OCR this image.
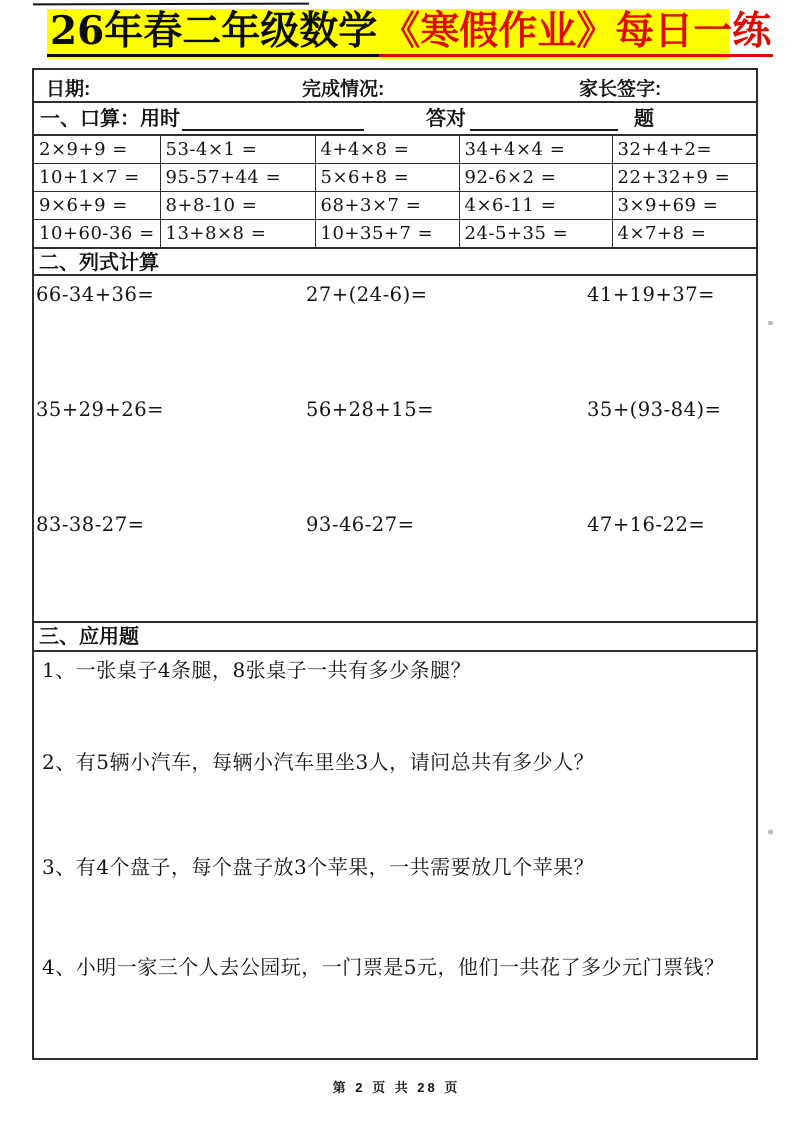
26年春二年级数学 《寒假作业》每日一练
日期:	完成情况:	家长签字:
一、口算：用时	答对	题
2×9+9 =	53-4×1 =	4+4×8 =	34+4×4 =	32+4+2=
10+1×7 =	95-57+44 =	5×6+8 =	92-6×2 =	22+32+9 =
9×6+9 =	8+8-10 =	68+3×7 =	4×6-11 =	3×9+69 =
10+60-36 =	13+8×8 =	10+35+7 =	24-5+35 =	4×7+8 =
二、列式计算
66-34+36=	27+(24-6)=	41+19+37=
35+29+26=	56+28+15=	35+(93-84)=
83-38-27=	93-46-27=	47+16-22=
三、应用题

1、一张桌子4条腿，8张桌子一共有多少条腿？

2、有5辆小汽车，每辆小汽车里坐3人，请问总共有多少人？

3、有4个盘子，每个盘子放3个苹果，一共需要放几个苹果？

4、小明一家三个人去公园玩，一门票是5元，他们一共花了多少元门票钱？

第 2 页 共 28 页
